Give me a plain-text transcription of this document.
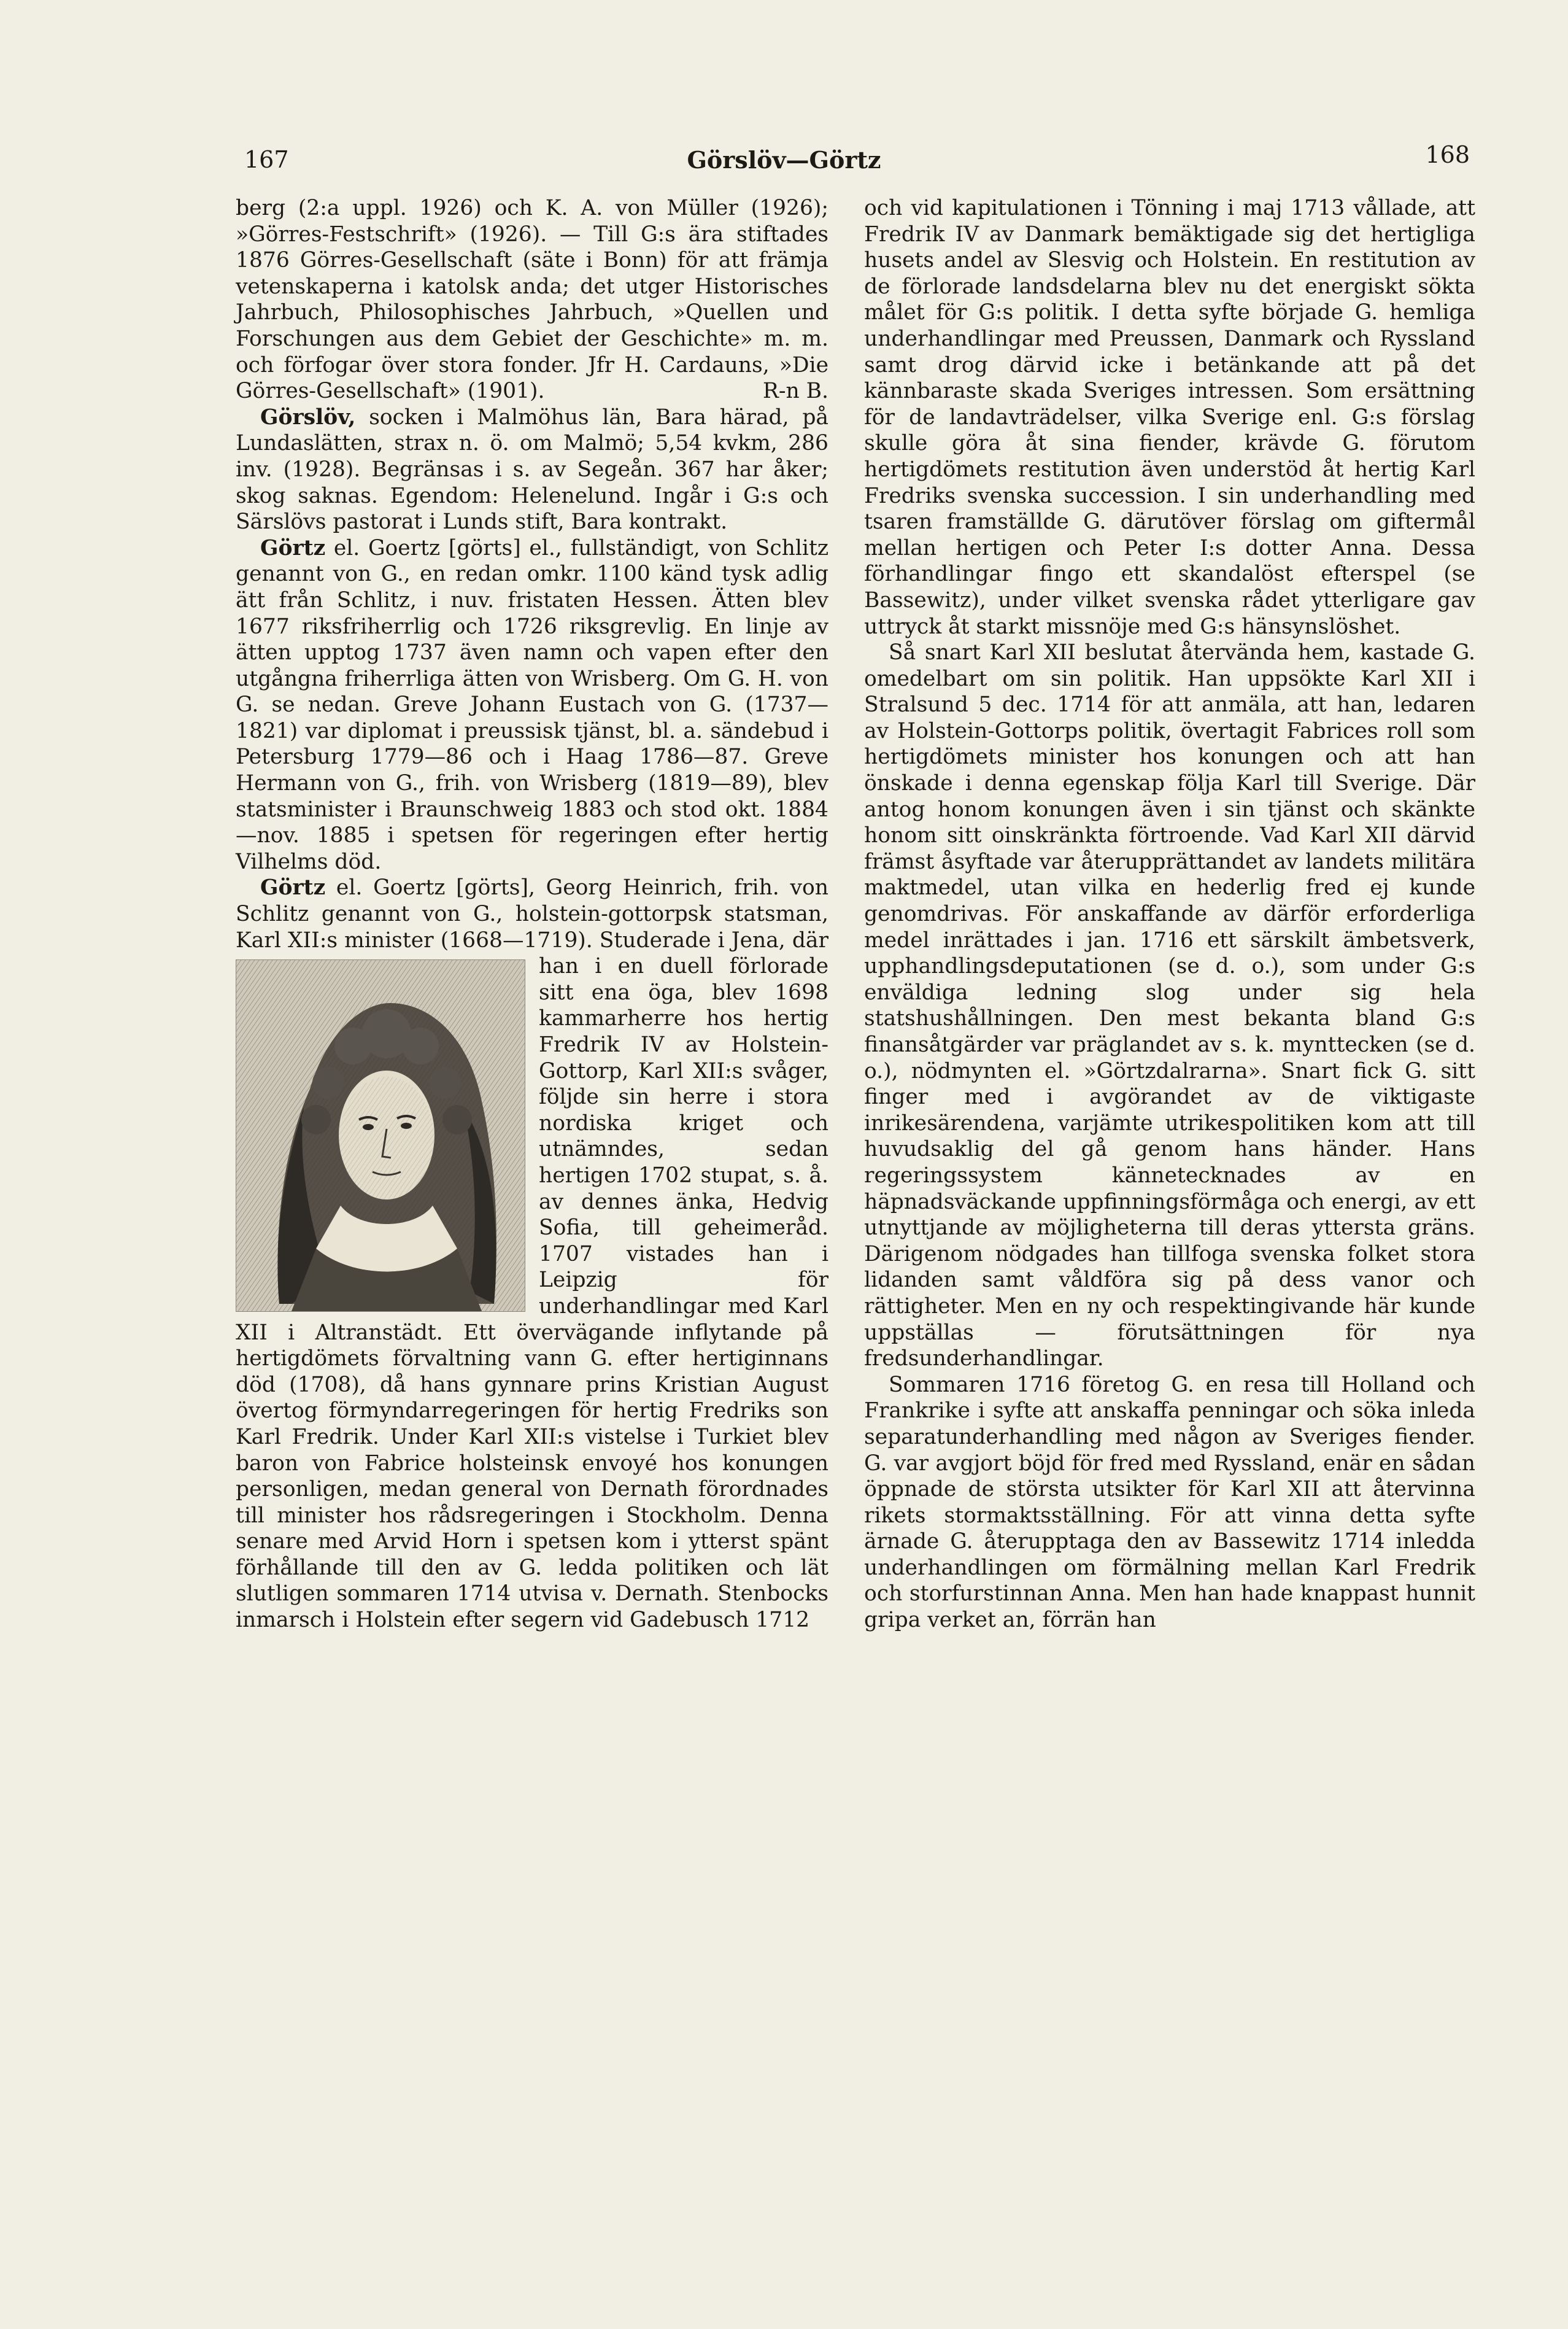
167	Görslöv—Görtz	168

berg (2:a uppl. 1926) och K. A. von Müller (1926); »Görres-Festschrift» (1926). — Till G:s ära stiftades 1876 Görres-Gesellschaft (säte i Bonn) för att främja vetenskaperna i katolsk anda; det utger Historisches Jahrbuch, Philosophisches Jahrbuch, »Quellen und Forschungen aus dem Gebiet der Geschichte» m. m. och förfogar över stora fonder. Jfr H. Cardauns, »Die Görres-Gesellschaft» (1901).	R-n B.

Görslöv, socken i Malmöhus län, Bara härad, på Lundaslätten, strax n. ö. om Malmö; 5,54 kvkm, 286 inv. (1928). Begränsas i s. av Segeån. 367 har åker; skog saknas. Egendom: Helenelund. Ingår i G:s och Särslövs pastorat i Lunds stift, Bara kontrakt.

Görtz el. Goertz [görts] el., fullständigt, von Schlitz genannt von G., en redan omkr. 1100 känd tysk adlig ätt från Schlitz, i nuv. fristaten Hessen. Ätten blev 1677 riksfriherrlig och 1726 riksgrevlig. En linje av ätten upptog 1737 även namn och vapen efter den utgångna friherrliga ätten von Wrisberg. Om G. H. von G. se nedan. Greve Johann Eustach von G. (1737—1821) var diplomat i preussisk tjänst, bl. a. sändebud i Petersburg 1779—86 och i Haag 1786—87. Greve Hermann von G., frih. von Wrisberg (1819—89), blev statsminister i Braunschweig 1883 och stod okt. 1884 —nov. 1885 i spetsen för regeringen efter hertig Vilhelms död.

Görtz el. Goertz [görts], Georg Heinrich, frih. von Schlitz genannt von G., holstein-gottorpsk statsman, Karl XII:s minister (1668—1719).
Studerade i Jena, där han i en duell förlorade sitt ena öga, blev 1698 kammarherre hos hertig Fredrik IV av Holstein-Gottorp, Karl XII:s svåger, följde sin herre i stora nordiska kriget och utnämndes, sedan hertigen 1702 stupat, s. å. av dennes änka, Hedvig Sofia, till geheimeråd. 1707 vistades han i Leipzig för underhandlingar med Karl XII i Altranstädt. Ett övervägande inflytande på hertigdömets förvaltning vann G. efter hertiginnans död (1708), då hans gynnare prins Kristian August övertog förmyndarregeringen för hertig Fredriks son Karl Fredrik. Under Karl XII:s vistelse i Turkiet blev baron von Fabrice holsteinsk envoyé hos konungen personligen, medan general von Dernath förordnades till minister hos rådsregeringen i Stockholm. Denna senare med Arvid Horn i spetsen kom i ytterst spänt förhållande till den av G. ledda politiken och lät slutligen sommaren 1714 utvisa v. Dernath. Stenbocks inmarsch i Holstein efter segern vid Gadebusch 1712

och vid kapitulationen i Tönning i maj 1713 vållade, att Fredrik IV av Danmark bemäktigade sig det hertigliga husets andel av Slesvig och Holstein. En restitution av de förlorade landsdelarna blev nu det energiskt sökta målet för G:s politik. I detta syfte började G. hemliga underhandlingar med Preussen, Danmark och Ryssland samt drog därvid icke i betänkande att på det kännbaraste skada Sveriges intressen. Som ersättning för de landavträdelser, vilka Sverige enl. G:s förslag skulle göra åt sina fiender, krävde G. förutom hertigdömets restitution även understöd åt hertig Karl Fredriks svenska succession. I sin underhandling med tsaren framställde G. därutöver förslag om giftermål mellan hertigen och Peter I:s dotter Anna. Dessa förhandlingar fingo ett skandalöst efterspel (se Bassewitz), under vilket svenska rådet ytterligare gav uttryck åt starkt missnöje med G:s hänsynslöshet.

Så snart Karl XII beslutat återvända hem, kastade G. omedelbart om sin politik. Han uppsökte Karl XII i Stralsund 5 dec. 1714 för att anmäla, att han, ledaren av Holstein-Gottorps politik, övertagit Fabrices roll som hertigdömets minister hos konungen och att han önskade i denna egenskap följa Karl till Sverige. Där antog honom konungen även i sin tjänst och skänkte honom sitt oinskränkta förtroende. Vad Karl XII därvid främst åsyftade var återupprättandet av landets militära maktmedel, utan vilka en hederlig fred ej kunde genomdrivas. För anskaffande av därför erforderliga medel inrättades i jan. 1716 ett särskilt ämbetsverk, upphandlingsdeputationen (se d. o.), som under G:s enväldiga ledning slog under sig hela statshushållningen. Den mest bekanta bland G:s finansåtgärder var präglandet av s. k. mynttecken (se d. o.), nödmynten el. »Görtzdalrarna». Snart fick G. sitt finger med i avgörandet av de viktigaste inrikesärendena, varjämte utrikespolitiken kom att till huvudsaklig del gå genom hans händer. Hans regeringssystem kännetecknades av en häpnadsväckande uppfinningsförmåga och energi, av ett utnyttjande av möjligheterna till deras yttersta gräns. Därigenom nödgades han tillfoga svenska folket stora lidanden samt våldföra sig på dess vanor och rättigheter. Men en ny och respektingivande här kunde uppställas — förutsättningen för nya fredsunderhandlingar.

Sommaren 1716 företog G. en resa till Holland och Frankrike i syfte att anskaffa penningar och söka inleda separatunderhandling med någon av Sveriges fiender. G. var avgjort böjd för fred med Ryssland, enär en sådan öppnade de största utsikter för Karl XII att återvinna rikets stormaktsställning. För att vinna detta syfte ärnade G. återupptaga den av Bassewitz 1714 inledda underhandlingen om förmälning mellan Karl Fredrik och storfurstinnan Anna. Men han hade knappast hunnit gripa verket an, förrän han
